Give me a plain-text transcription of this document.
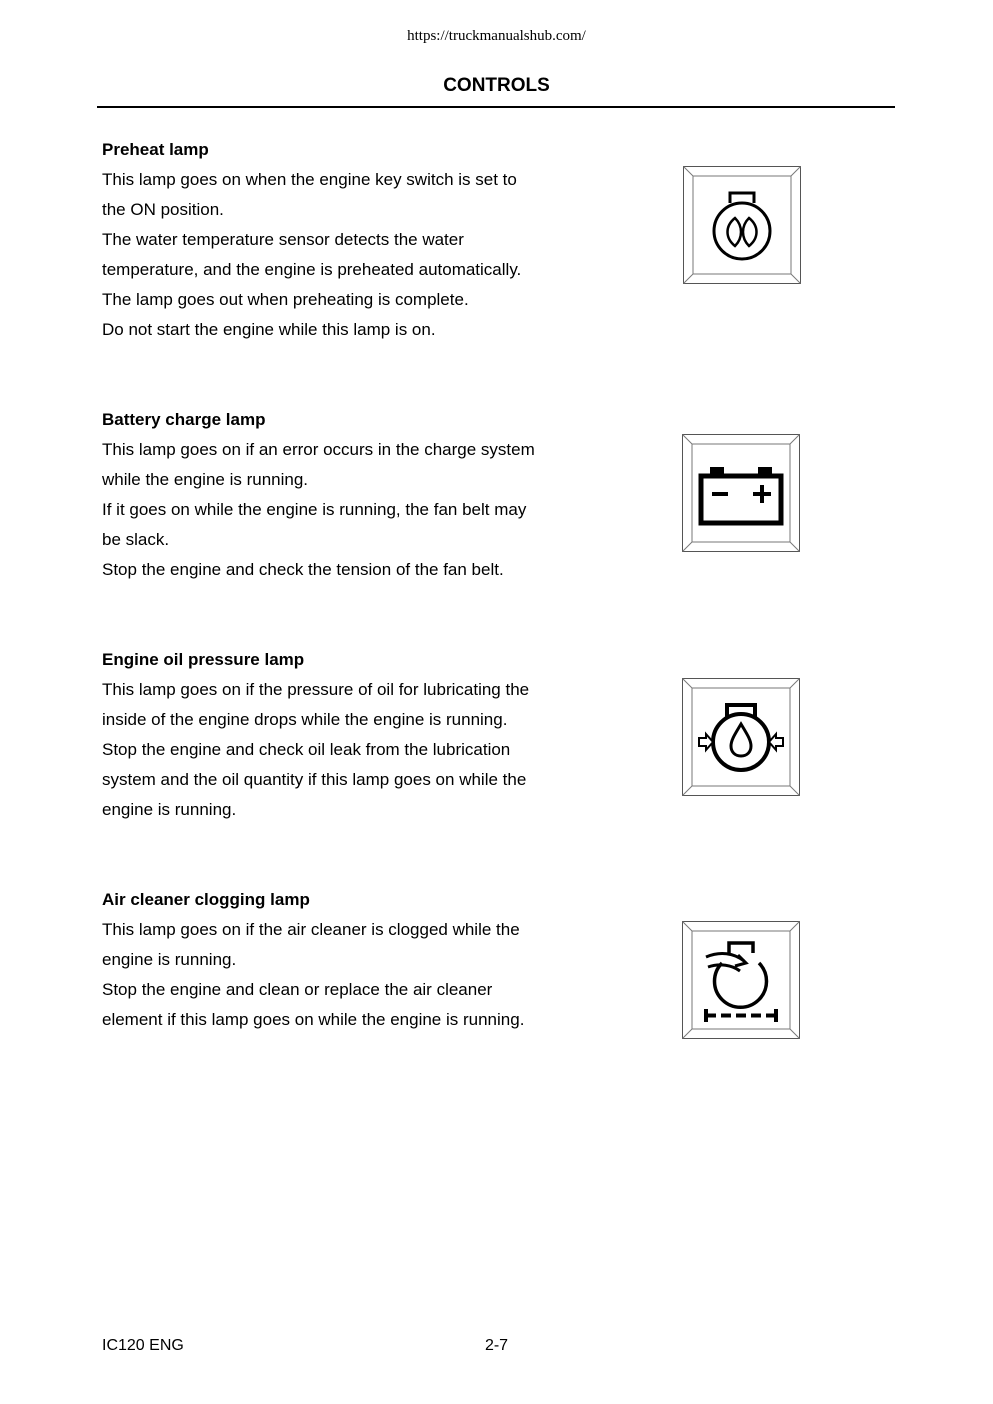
https://truckmanualshub.com/
CONTROLS
Preheat lamp

This lamp goes on when the engine key switch is set to

the ON position.

The water temperature sensor detects the water

temperature, and the engine is preheated automatically.

The lamp goes out when preheating is complete.

Do not start the engine while this lamp is on.

Battery charge lamp

This lamp goes on if an error occurs in the charge system

while the engine is running.

If it goes on while the engine is running, the fan belt may

be slack.

Stop the engine and check the tension of the fan belt.

Engine oil pressure lamp

This lamp goes on if the pressure of oil for lubricating the

inside of the engine drops while the engine is running.

Stop the engine and check oil leak from the lubrication

system and the oil quantity if this lamp goes on while the

engine is running.

Air cleaner clogging lamp

This lamp goes on if the air cleaner is clogged while the

engine is running.

Stop the engine and clean or replace the air cleaner

element if this lamp goes on while the engine is running.

IC120 ENG	2-7
